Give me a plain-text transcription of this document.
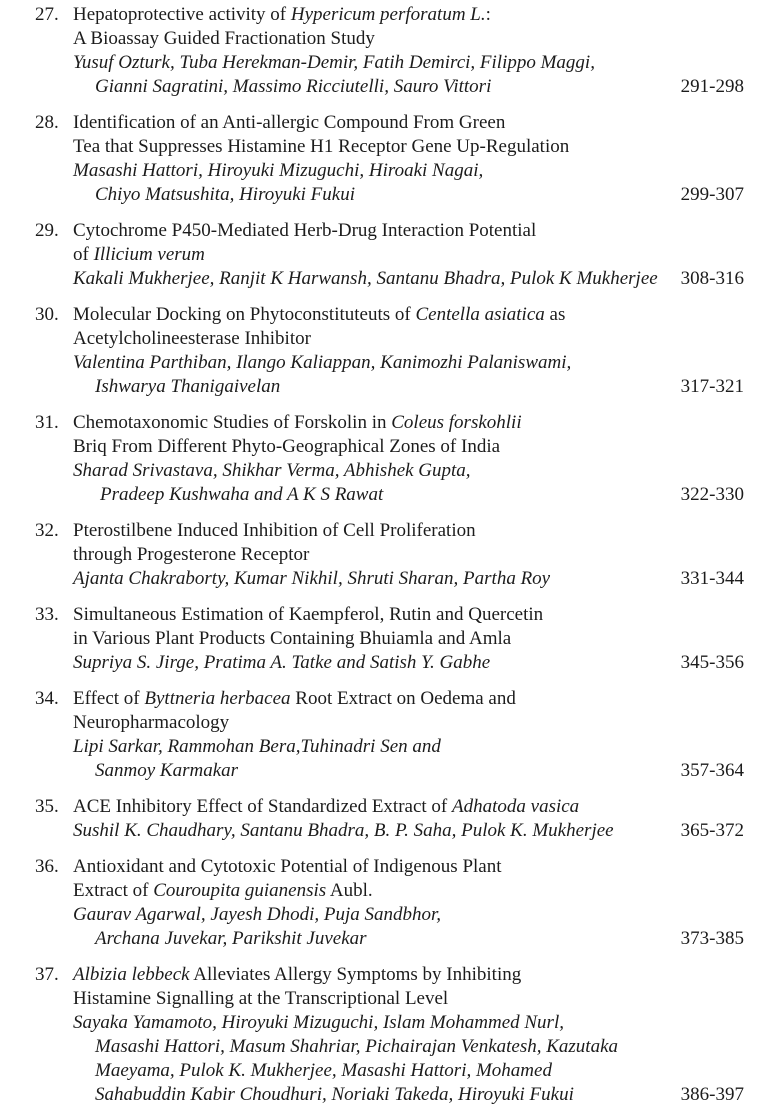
27. Hepatoprotective activity of Hypericum perforatum L.:
A Bioassay Guided Fractionation Study
Yusuf Ozturk, Tuba Herekman-Demir, Fatih Demirci, Filippo Maggi,
Gianni Sagratini, Massimo Ricciutelli, Sauro Vittori	291-298
28. Identification of an Anti-allergic Compound From Green
Tea that Suppresses Histamine H1 Receptor Gene Up-Regulation
Masashi Hattori, Hiroyuki Mizuguchi, Hiroaki Nagai,
Chiyo Matsushita, Hiroyuki Fukui	299-307
29. Cytochrome P450-Mediated Herb-Drug Interaction Potential
of Illicium verum
Kakali Mukherjee, Ranjit K Harwansh, Santanu Bhadra, Pulok K Mukherjee 308-316
30. Molecular Docking on Phytoconstituteuts of Centella asiatica as
Acetylcholineesterase Inhibitor
Valentina Parthiban, Ilango Kaliappan, Kanimozhi Palaniswami,
Ishwarya Thanigaivelan	317-321
31. Chemotaxonomic Studies of Forskolin in Coleus forskohlii
Briq From Different Phyto-Geographical Zones of India
Sharad Srivastava, Shikhar Verma, Abhishek Gupta,
Pradeep Kushwaha and A K S Rawat	322-330
32. Pterostilbene Induced Inhibition of Cell Proliferation
through Progesterone Receptor
Ajanta Chakraborty, Kumar Nikhil, Shruti Sharan, Partha Roy	331-344
33. Simultaneous Estimation of Kaempferol, Rutin and Quercetin
in Various Plant Products Containing Bhuiamla and Amla
Supriya S. Jirge, Pratima A. Tatke and Satish Y. Gabhe	345-356
34. Effect of Byttneria herbacea Root Extract on Oedema and
Neuropharmacology
Lipi Sarkar, Rammohan Bera,Tuhinadri Sen and
Sanmoy Karmakar	357-364
35. ACE Inhibitory Effect of Standardized Extract of Adhatoda vasica
Sushil K. Chaudhary, Santanu Bhadra, B. P. Saha, Pulok K. Mukherjee	365-372
36. Antioxidant and Cytotoxic Potential of Indigenous Plant
Extract of Couroupita guianensis Aubl.
Gaurav Agarwal, Jayesh Dhodi, Puja Sandbhor,
Archana Juvekar, Parikshit Juvekar	373-385
37. Albizia lebbeck Alleviates Allergy Symptoms by Inhibiting
Histamine Signalling at the Transcriptional Level
Sayaka Yamamoto, Hiroyuki Mizuguchi, Islam Mohammed Nurl,
Masashi Hattori, Masum Shahriar, Pichairajan Venkatesh, Kazutaka
Maeyama, Pulok K. Mukherjee, Masashi Hattori, Mohamed
Sahabuddin Kabir Choudhuri, Noriaki Takeda, Hiroyuki Fukui	386-397
